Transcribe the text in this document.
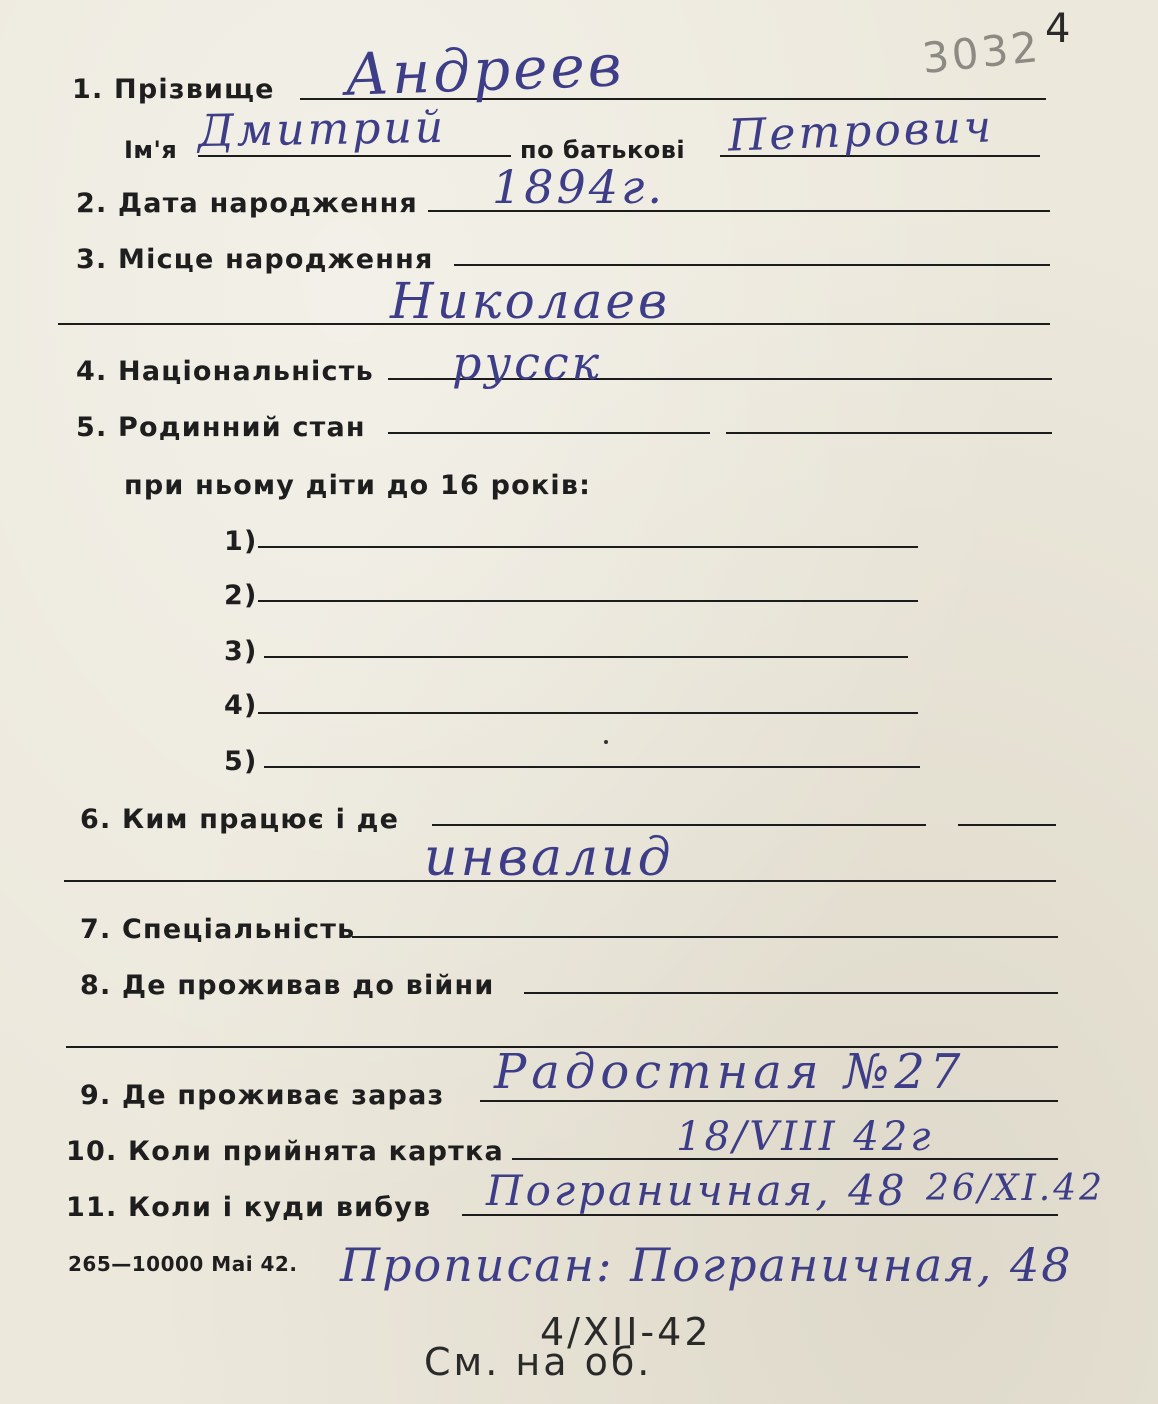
3032 4
1. Прізвище Андреев
Ім'я Дмитрий	по батькові Петрович
2. Дата народження 1894г.
3. Місце народження
Николаев
4. Національність русск
5. Родинний стан
при ньому діти до 16 років:
1)
2)
3)
4)
5)
6. Ким працює і де
инвалид
7. Спеціальність
8. Де проживав до війни
9. Де проживає зараз Радостная №27
10. Коли прийнята картка	18/VIII 42г
11. Коли і куди вибув Пограничная, 48 26/XI.42
265—10000 Mai 42. Прописан: Пограничная, 48
4/XII-42
См. на об.
